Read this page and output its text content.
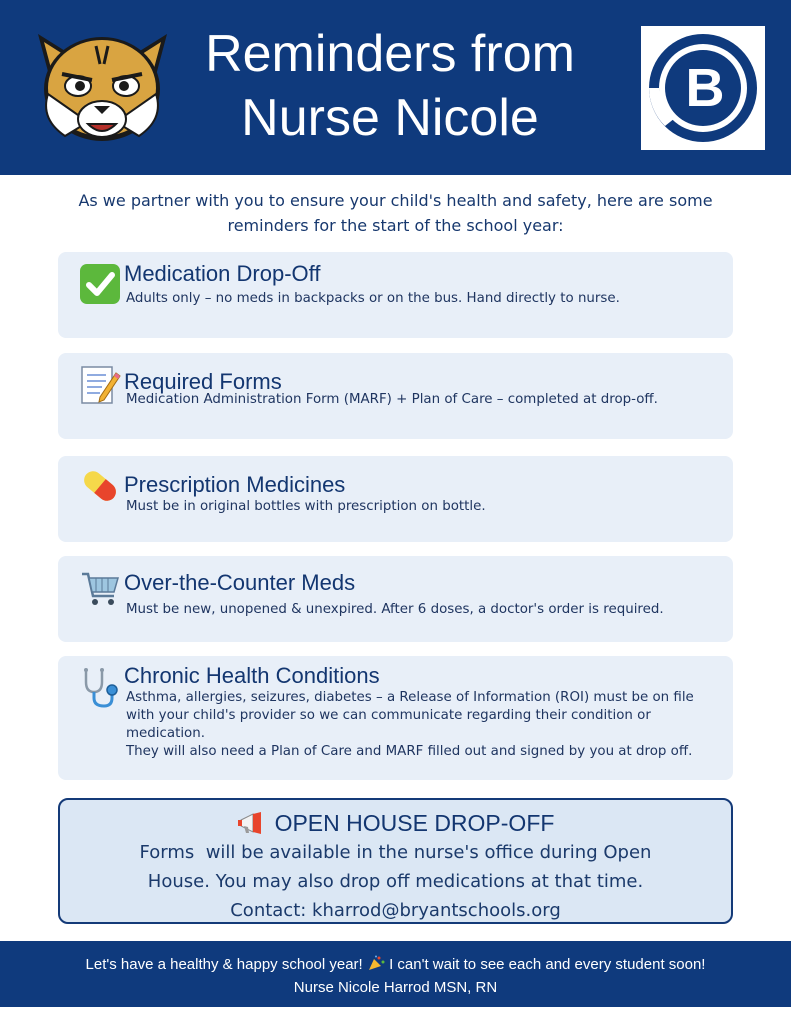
Reminders from
Nurse Nicole	B
As we partner with you to ensure your child's health and safety, here are some reminders for the start of the school year:
Medication Drop-Off
Adults only – no meds in backpacks or on the bus. Hand directly to nurse.
Required Forms
Medication Administration Form (MARF) + Plan of Care – completed at drop-off.
Prescription Medicines
Must be in original bottles with prescription on bottle.
Over-the-Counter Meds
Must be new, unopened & unexpired. After 6 doses, a doctor's order is required.
Chronic Health Conditions
Asthma, allergies, seizures, diabetes – a Release of Information (ROI) must be on file with your child's provider so we can communicate regarding their condition or medication.
They will also need a Plan of Care and MARF filled out and signed by you at drop off.
OPEN HOUSE DROP-OFF
Forms  will be available in the nurse's office during Open
House. You may also drop off medications at that time.
Contact: kharrod@bryantschools.org
Let's have a healthy & happy school year! I can't wait to see each and every student soon!
Nurse Nicole Harrod MSN, RN
